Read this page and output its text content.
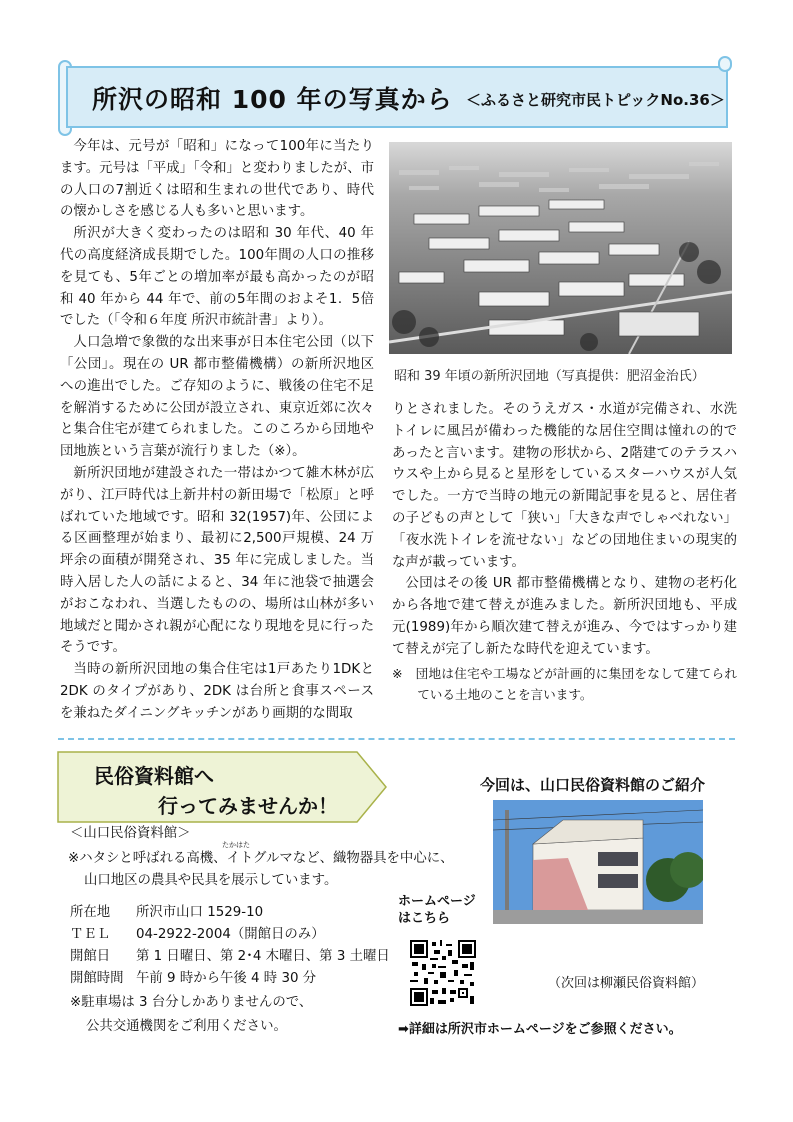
所沢の昭和 100 年の写真から ＜ふるさと研究市民トピックNo.36＞

今年は、元号が「昭和」になって100年に当たります。元号は「平成」「令和」と変わりましたが、市の人口の7割近くは昭和生まれの世代であり、時代の懐かしさを感じる人も多いと思います。

所沢が大きく変わったのは昭和 30 年代、40 年代の高度経済成長期でした。100年間の人口の推移を見ても、5年ごとの増加率が最も高かったのが昭和 40 年から 44 年で、前の5年間のおよそ1．5倍でした（「令和６年度 所沢市統計書」より）。

人口急増で象徴的な出来事が日本住宅公団（以下「公団」。現在の UR 都市整備機構）の新所沢地区への進出でした。ご存知のように、戦後の住宅不足を解消するために公団が設立され、東京近郊に次々と集合住宅が建てられました。このころから団地や団地族という言葉が流行りました（※）。

新所沢団地が建設された一帯はかつて雑木林が広がり、江戸時代は上新井村の新田場で「松原」と呼ばれていた地域です。昭和 32(1957)年、公団による区画整理が始まり、最初に2,500戸規模、24 万坪余の面積が開発され、35 年に完成しました。当時入居した人の話によると、34 年に池袋で抽選会がおこなわれ、当選したものの、場所は山林が多い地域だと聞かされ親が心配になり現地を見に行ったそうです。

当時の新所沢団地の集合住宅は1戸あたり1DKと2DK のタイプがあり、2DK は台所と食事スペースを兼ねたダイニングキッチンがあり画期的な間取

昭和 39 年頃の新所沢団地（写真提供：肥沼金治氏）

りとされました。そのうえガス・水道が完備され、水洗トイレに風呂が備わった機能的な居住空間は憧れの的であったと言います。建物の形状から、2階建てのテラスハウスや上から見ると星形をしているスターハウスが人気でした。一方で当時の地元の新聞記事を見ると、居住者の子どもの声として「狭い」「大きな声でしゃべれない」「夜水洗トイレを流せない」などの団地住まいの現実的な声が載っています。

公団はその後 UR 都市整備機構となり、建物の老朽化から各地で建て替えが進みました。新所沢団地も、平成元(1989)年から順次建て替えが進み、今ではすっかり建て替えが完了し新たな時代を迎えています。

※　団地は住宅や工場などが計画的に集団をなして建てられている土地のことを言います。

民俗資料館へ
行ってみませんか！
今回は、山口民俗資料館のご紹介
＜山口民俗資料館＞
※ハタシと呼ばれる高機、イトグルマなど、織物器具を中心に、
たかはた
山口地区の農具や民具を展示しています。
所在地 所沢市山口 1529-10
ＴＥＬ 04-2922-2004（開館日のみ）
開館日 第 1 日曜日、第 2･4 木曜日、第 3 土曜日
開館時間 午前 9 時から午後 4 時 30 分
※駐車場は 3 台分しかありませんので、
公共交通機関をご利用ください。
ホームページ
はこちら
（次回は柳瀬民俗資料館）
➡詳細は所沢市ホームページをご参照ください。
